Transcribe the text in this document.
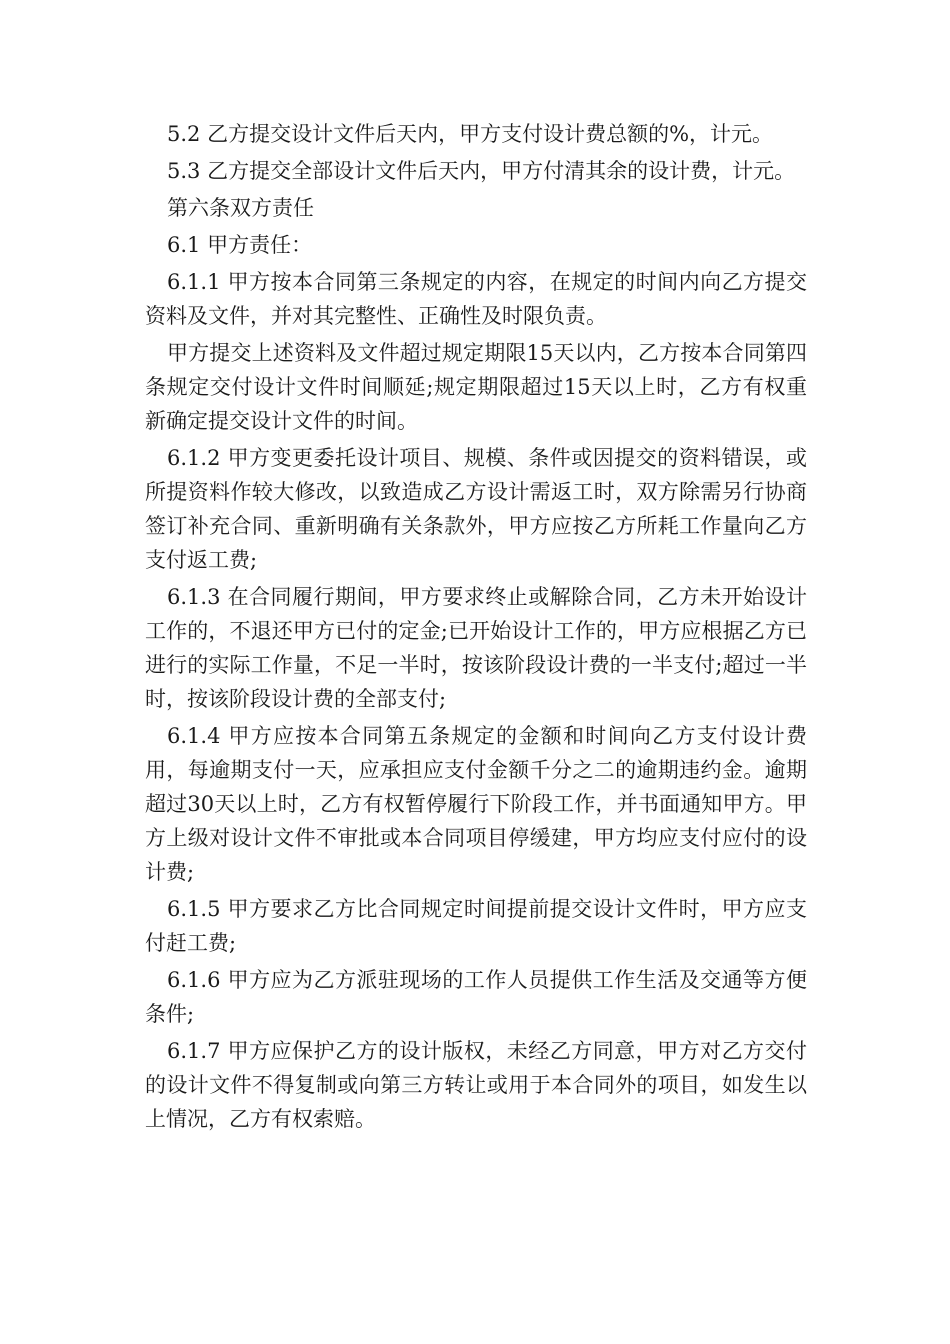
5.2 乙方提交设计文件后天内，甲方支付设计费总额的%，计元。

5.3 乙方提交全部设计文件后天内，甲方付清其余的设计费，计元。

第六条双方责任

6.1 甲方责任：

6.1.1 甲方按本合同第三条规定的内容，在规定的时间内向乙方提交资料及文件，并对其完整性、正确性及时限负责。

甲方提交上述资料及文件超过规定期限15天以内，乙方按本合同第四条规定交付设计文件时间顺延;规定期限超过15天以上时，乙方有权重新确定提交设计文件的时间。

6.1.2 甲方变更委托设计项目、规模、条件或因提交的资料错误，或所提资料作较大修改，以致造成乙方设计需返工时，双方除需另行协商签订补充合同、重新明确有关条款外，甲方应按乙方所耗工作量向乙方支付返工费;

6.1.3 在合同履行期间，甲方要求终止或解除合同，乙方未开始设计工作的，不退还甲方已付的定金;已开始设计工作的，甲方应根据乙方已进行的实际工作量，不足一半时，按该阶段设计费的一半支付;超过一半时，按该阶段设计费的全部支付;

6.1.4 甲方应按本合同第五条规定的金额和时间向乙方支付设计费用，每逾期支付一天，应承担应支付金额千分之二的逾期违约金。逾期超过30天以上时，乙方有权暂停履行下阶段工作，并书面通知甲方。甲方上级对设计文件不审批或本合同项目停缓建，甲方均应支付应付的设计费;

6.1.5 甲方要求乙方比合同规定时间提前提交设计文件时，甲方应支付赶工费;

6.1.6 甲方应为乙方派驻现场的工作人员提供工作生活及交通等方便条件;

6.1.7 甲方应保护乙方的设计版权，未经乙方同意，甲方对乙方交付的设计文件不得复制或向第三方转让或用于本合同外的项目，如发生以上情况，乙方有权索赔。
